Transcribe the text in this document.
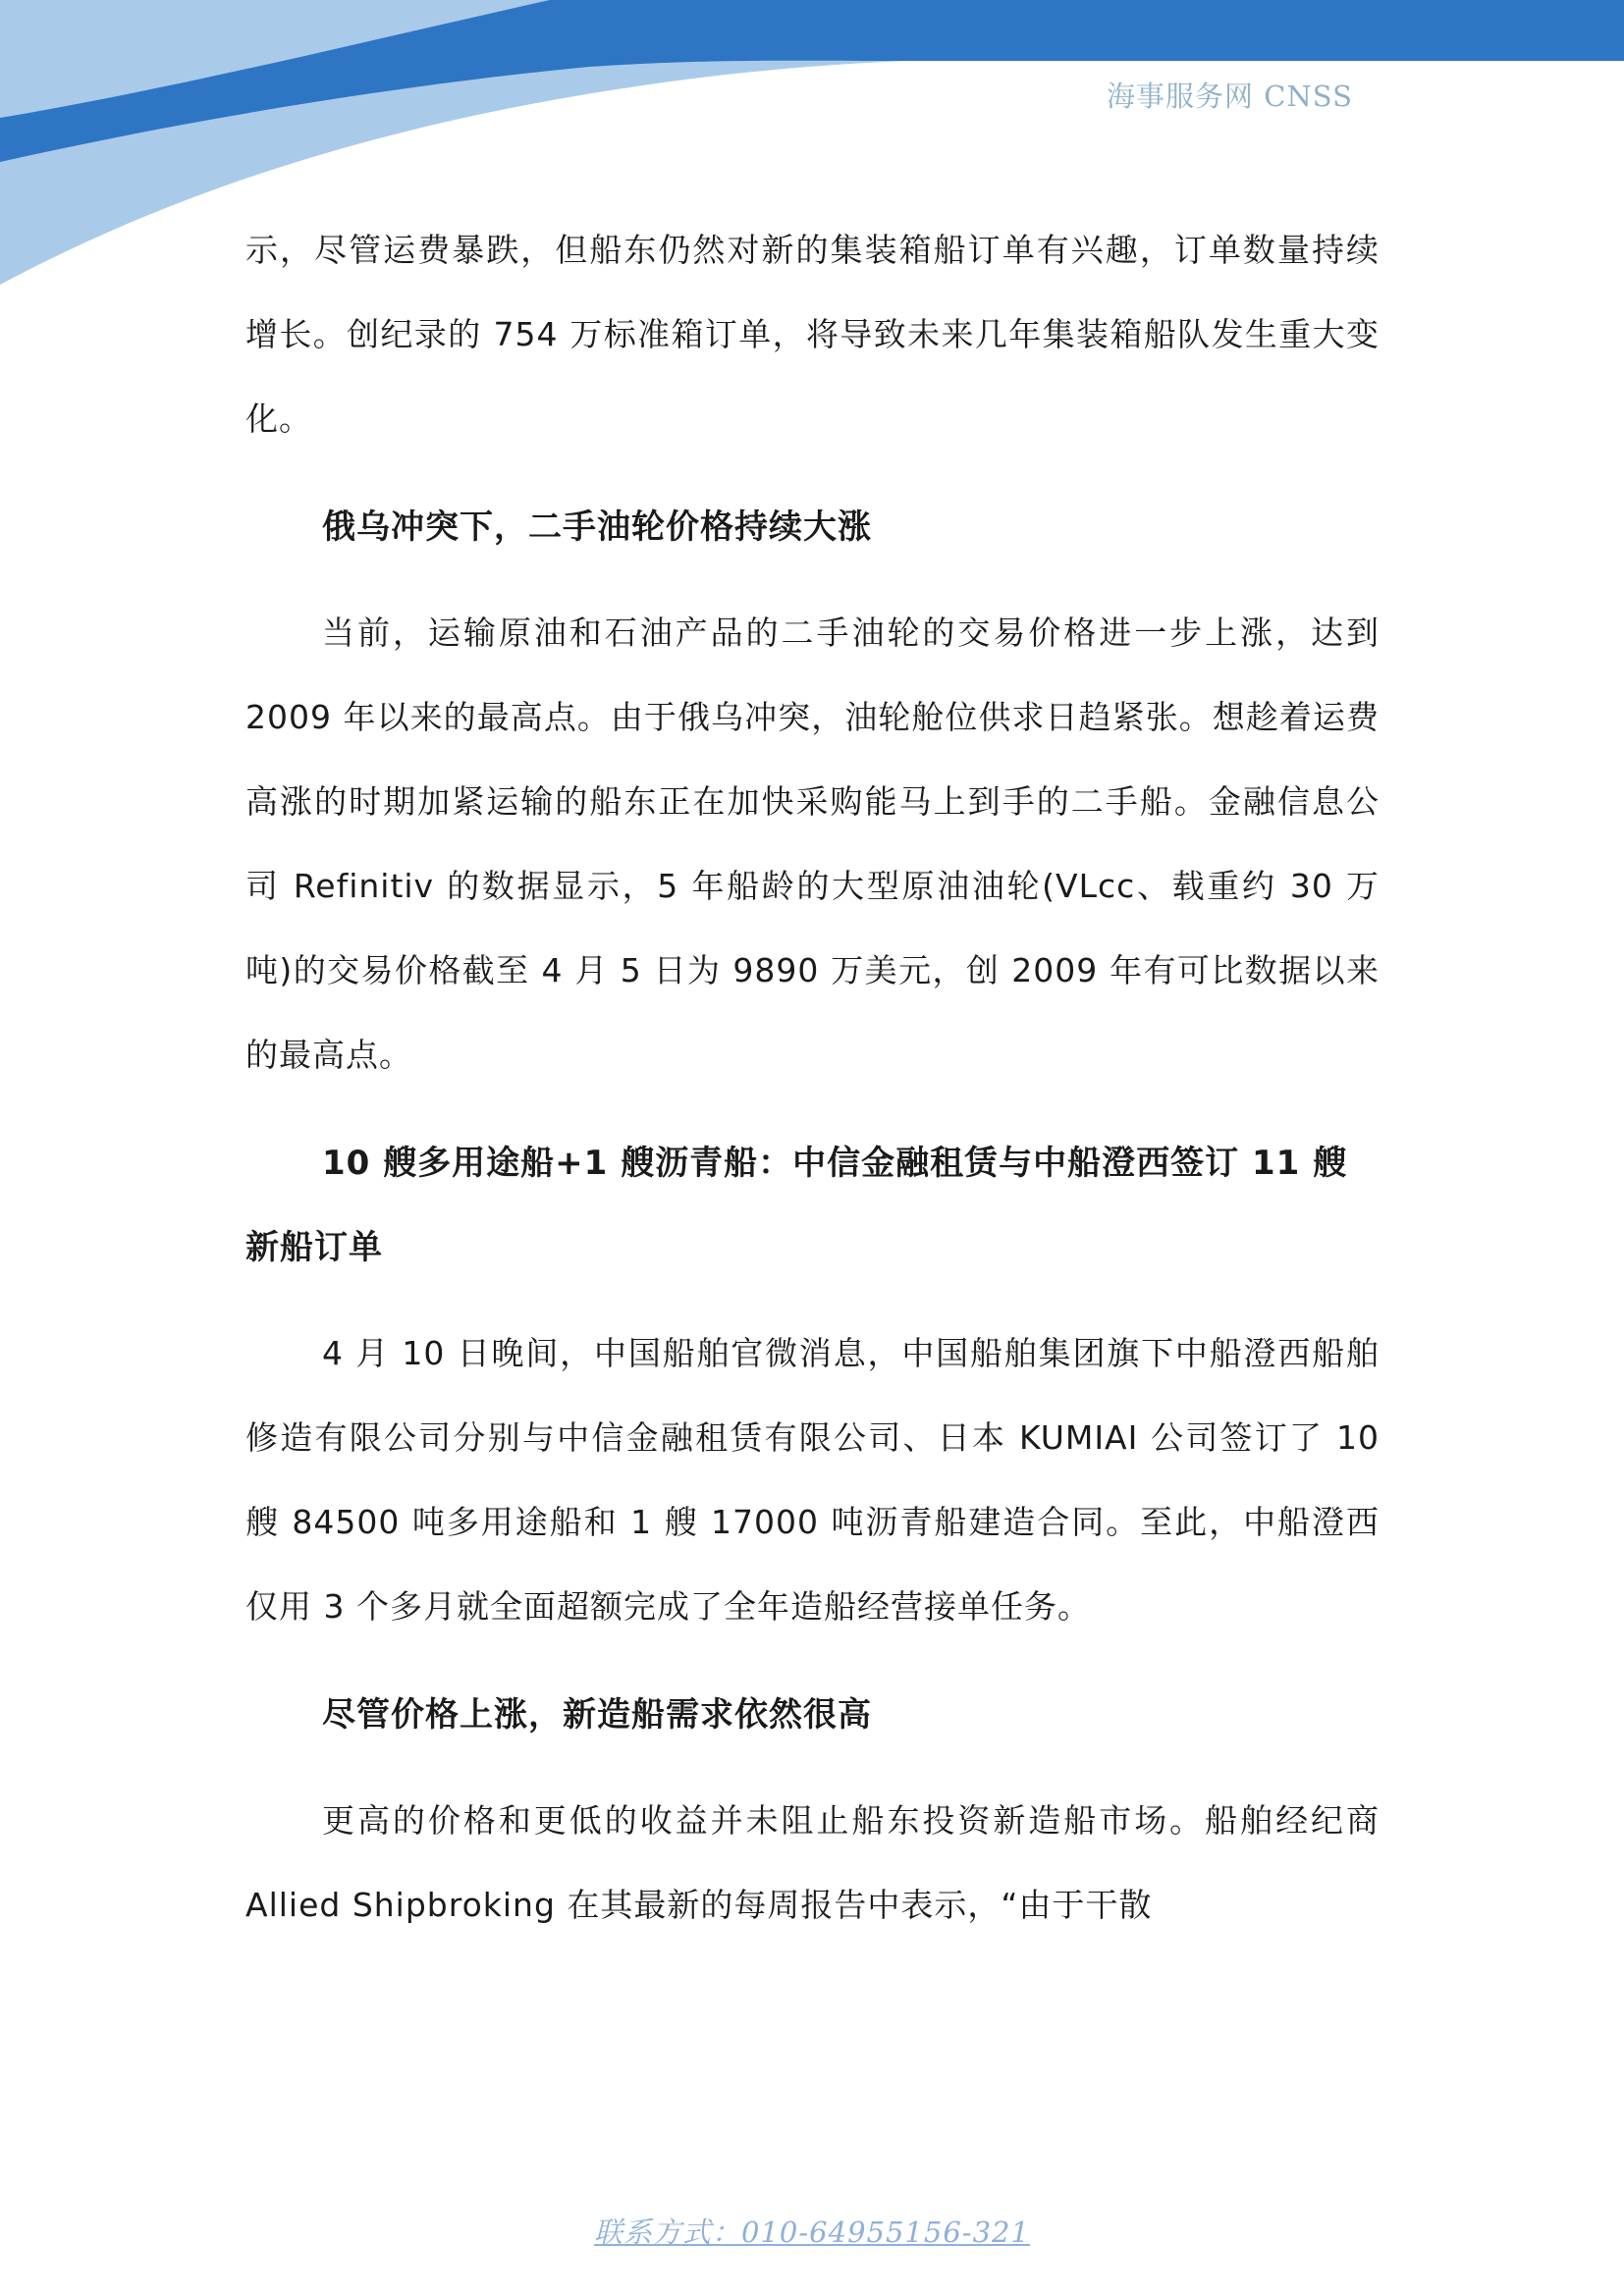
海事服务网 CNSS

示，尽管运费暴跌，但船东仍然对新的集装箱船订单有兴趣，订单数量持续增长。创纪录的 754 万标准箱订单，将导致未来几年集装箱船队发生重大变化。

俄乌冲突下，二手油轮价格持续大涨

当前，运输原油和石油产品的二手油轮的交易价格进一步上涨，达到 2009 年以来的最高点。由于俄乌冲突，油轮舱位供求日趋紧张。想趁着运费高涨的时期加紧运输的船东正在加快采购能马上到手的二手船。金融信息公司 Refinitiv 的数据显示，5 年船龄的大型原油油轮(VLcc、载重约 30 万吨)的交易价格截至 4 月 5 日为 9890 万美元，创 2009 年有可比数据以来的最高点。

10 艘多用途船+1 艘沥青船：中信金融租赁与中船澄西签订 11 艘新船订单

4 月 10 日晚间，中国船舶官微消息，中国船舶集团旗下中船澄西船舶修造有限公司分别与中信金融租赁有限公司、日本 KUMIAI 公司签订了 10 艘 84500 吨多用途船和 1 艘 17000 吨沥青船建造合同。至此，中船澄西仅用 3 个多月就全面超额完成了全年造船经营接单任务。

尽管价格上涨，新造船需求依然很高

更高的价格和更低的收益并未阻止船东投资新造船市场。船舶经纪商 Allied Shipbroking 在其最新的每周报告中表示，“由于干散

联系方式：010-64955156-321
